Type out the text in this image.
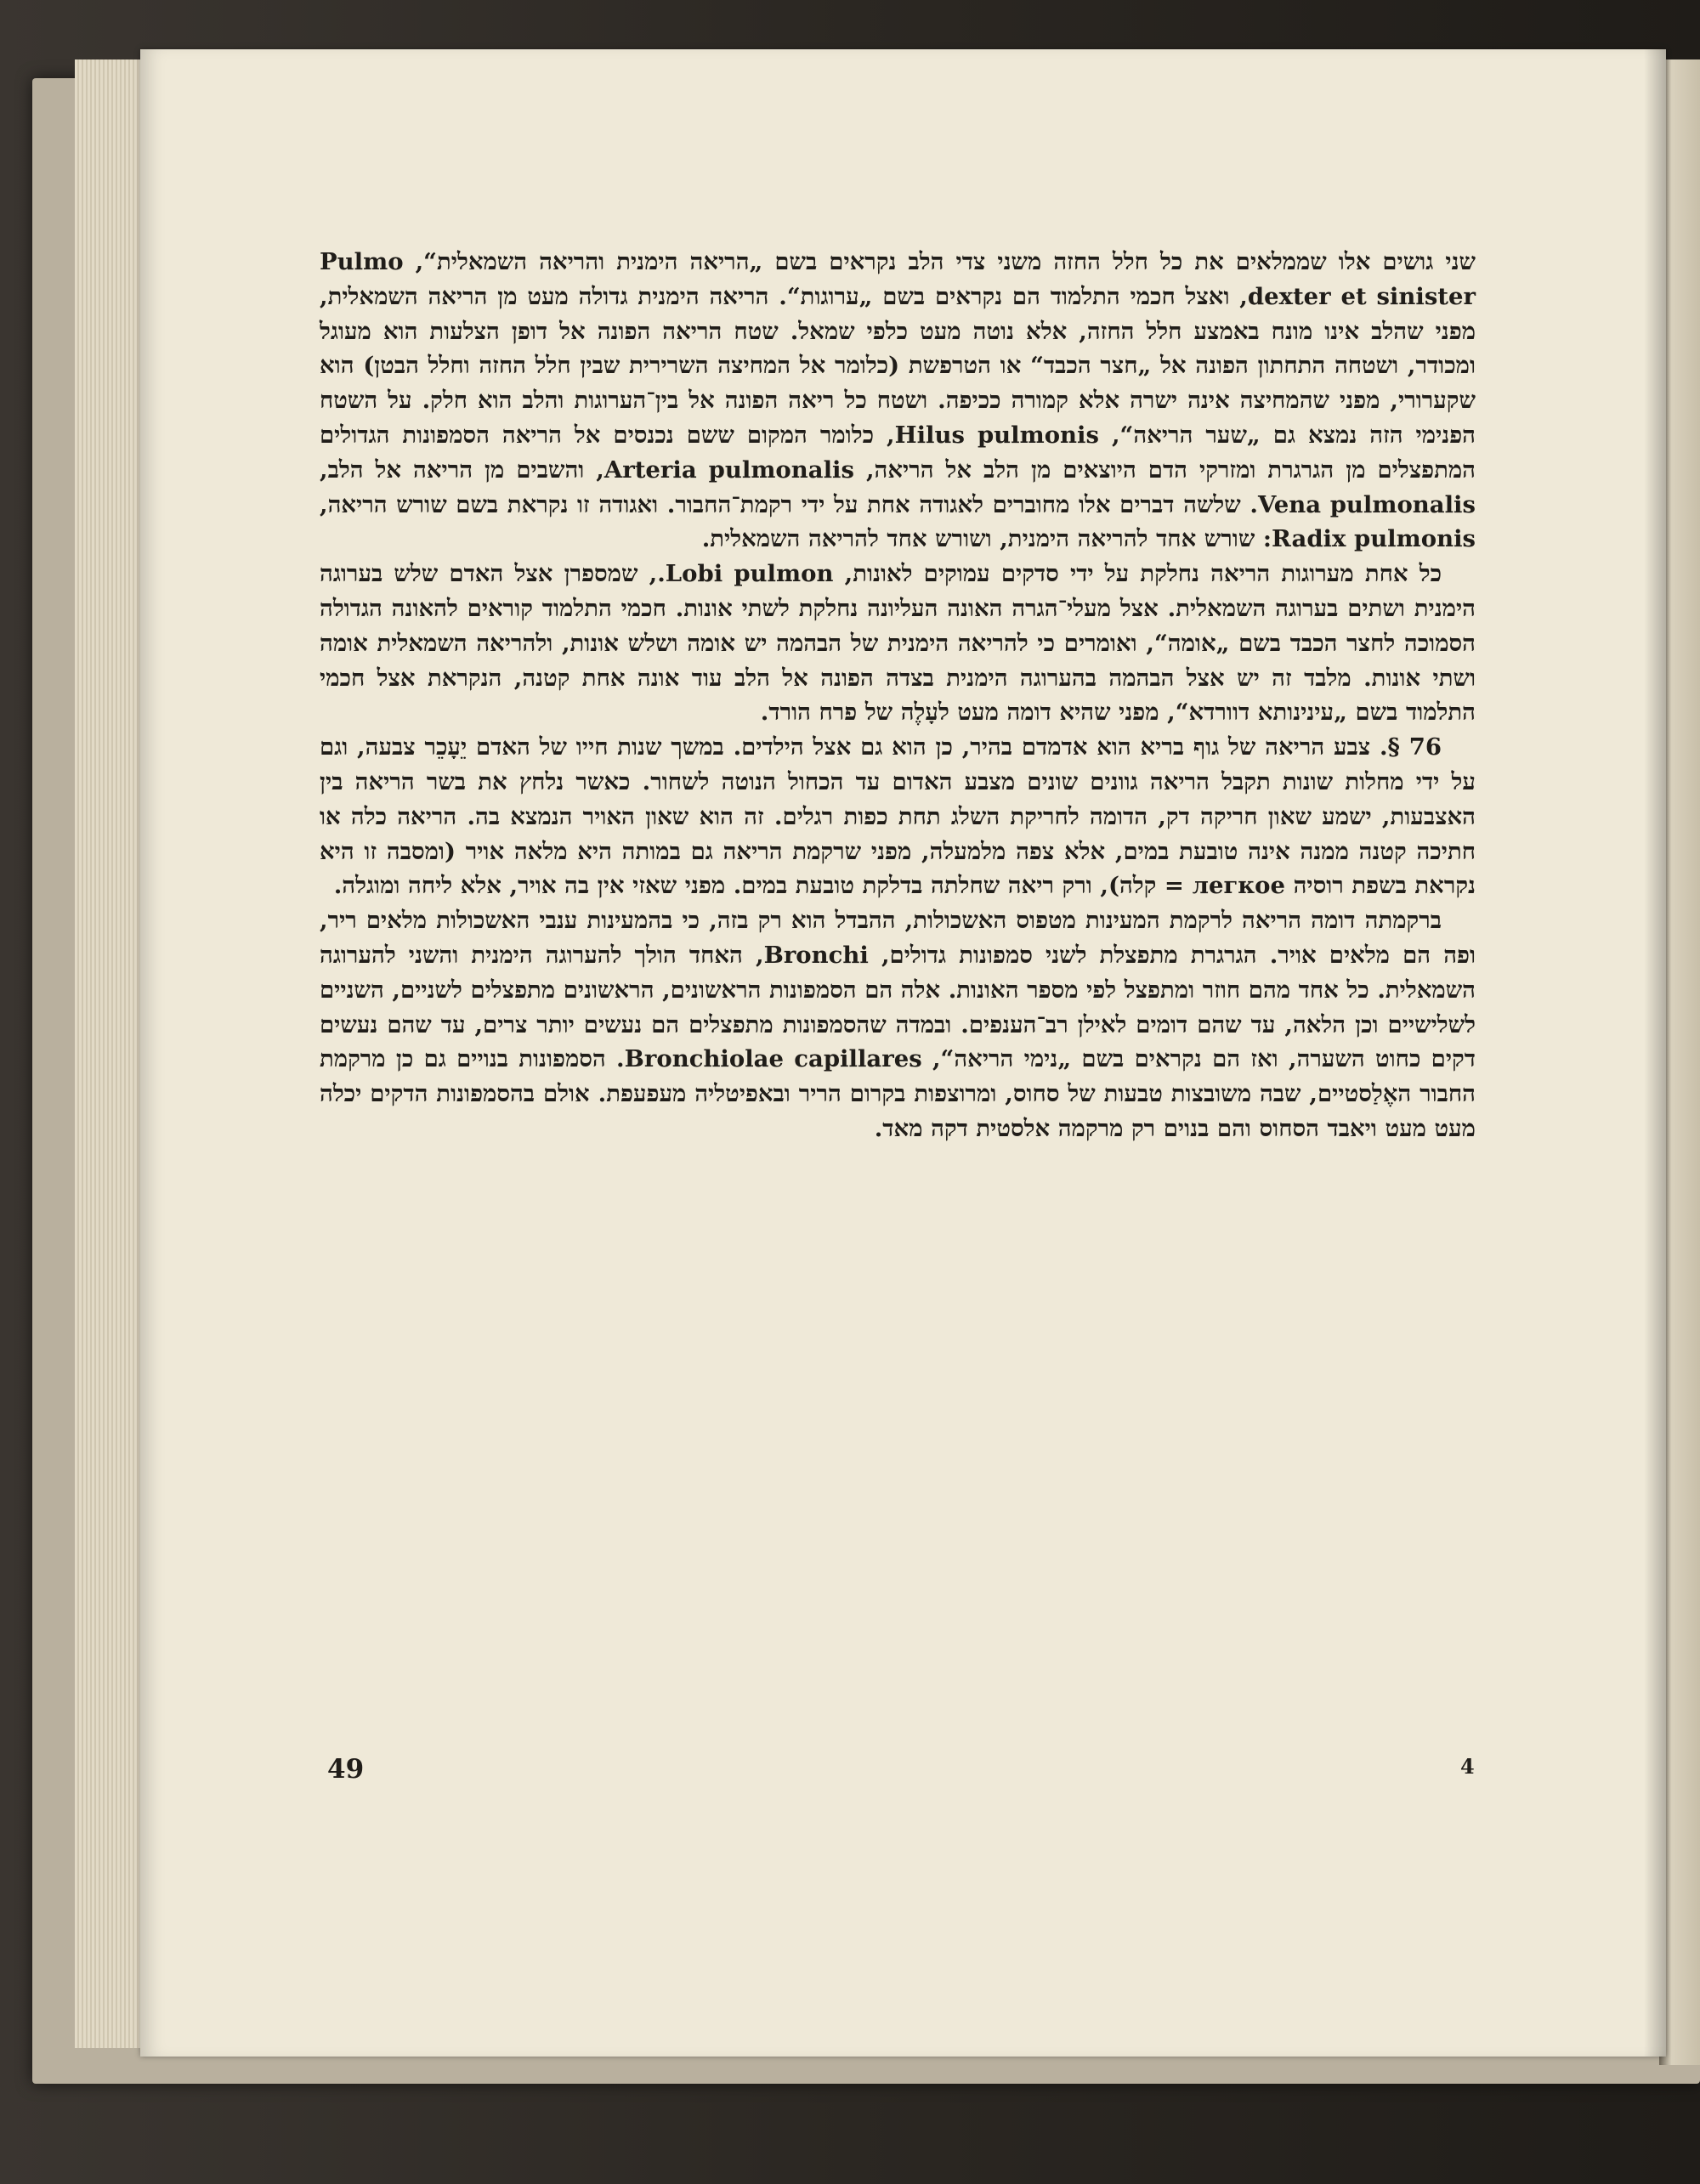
שני גושים אלו שממלאים את כל חלל החזה משני צדי הלב נקראים בשם „הריאה הימנית והריאה השמאלית“, Pulmo dexter et sinister, ואצל חכמי התלמוד הם נקראים בשם „ערוגות“. הריאה הימנית גדולה מעט מן הריאה השמאלית, מפני שהלב אינו מונח באמצע חלל החזה, אלא נוטה מעט כלפי שמאל. שטח הריאה הפונה אל דופן הצלעות הוא מעוגל ומכודר, ושטחה התחתון הפונה אל „חצר הכבד“ או הטרפשת (כלומר אל המחיצה השרירית שבין חלל החזה וחלל הבטן) הוא שקערורי, מפני שהמחיצה אינה ישרה אלא קמורה ככיפה. ושטח כל ריאה הפונה אל בין־הערוגות והלב הוא חלק. על השטח הפנימי הזה נמצא גם „שער הריאה“, Hilus pulmonis, כלומר המקום ששם נכנסים אל הריאה הסמפונות הגדולים המתפצלים מן הגרגרת ומזרקי הדם היוצאים מן הלב אל הריאה, Arteria pulmonalis, והשבים מן הריאה אל הלב, Vena pulmonalis. שלשה דברים אלו מחוברים לאגודה אחת על ידי רקמת־החבור. ואגודה זו נקראת בשם שורש הריאה, Radix pulmonis: שורש אחד להריאה הימנית, ושורש אחד להריאה השמאלית.

כל אחת מערוגות הריאה נחלקת על ידי סדקים עמוקים לאונות, Lobi pulmon., שמספרן אצל האדם שלש בערוגה הימנית ושתים בערוגה השמאלית. אצל מעלי־הגרה האונה העליונה נחלקת לשתי אונות. חכמי התלמוד קוראים להאונה הגדולה הסמוכה לחצר הכבד בשם „אומה“, ואומרים כי להריאה הימנית של הבהמה יש אומה ושלש אונות, ולהריאה השמאלית אומה ושתי אונות. מלבד זה יש אצל הבהמה בהערוגה הימנית בצדה הפונה אל הלב עוד אונה אחת קטנה, הנקראת אצל חכמי התלמוד בשם „עינינותא דוורדא“, מפני שהיא דומה מעט לעָלֶה של פרח הורד.

76 §. צבע הריאה של גוף בריא הוא אדמדם בהיר, כן הוא גם אצל הילדים. במשך שנות חייו של האדם יֵעָכֵר צבעה, וגם על ידי מחלות שונות תקבל הריאה גוונים שונים מצבע האדום עד הכחול הנוטה לשחור. כאשר נלחץ את בשר הריאה בין האצבעות, ישמע שאון חריקה דק, הדומה לחריקת השלג תחת כפות רגלים. זה הוא שאון האויר הנמצא בה. הריאה כלה או חתיכה קטנה ממנה אינה טובעת במים, אלא צפה מלמעלה, מפני שרקמת הריאה גם במותה היא מלאה אויר (ומסבה זו היא נקראת בשפת רוסיה легкое = קלה), ורק ריאה שחלתה בדלקת טובעת במים. מפני שאזי אין בה אויר, אלא ליחה ומוגלה.

ברקמתה דומה הריאה לרקמת המעינות מטפוס האשכולות, ההבדל הוא רק בזה, כי בהמעינות ענבי האשכולות מלאים ריר, ופה הם מלאים אויר. הגרגרת מתפצלת לשני סמפונות גדולים, Bronchi, האחד הולך להערוגה הימנית והשני להערוגה השמאלית. כל אחד מהם חוזר ומתפצל לפי מספר האונות. אלה הם הסמפונות הראשונים, הראשונים מתפצלים לשניים, השניים לשלישיים וכן הלאה, עד שהם דומים לאילן רב־הענפים. ובמדה שהסמפונות מתפצלים הם נעשים יותר צרים, עד שהם נעשים דקים כחוט השערה, ואז הם נקראים בשם „נימי הריאה“, Bronchiolae capillares. הסמפונות בנויים גם כן מרקמת החבור האֶלַסטיים, שבה משובצות טבעות של סחוס, ומרוצפות בקרום הריר ובאפיטליה מעפעפת. אולם בהסמפונות הדקים יכלה מעט מעט ויאבד הסחוס והם בנוים רק מרקמה אלסטית דקה מאד.

49	4
